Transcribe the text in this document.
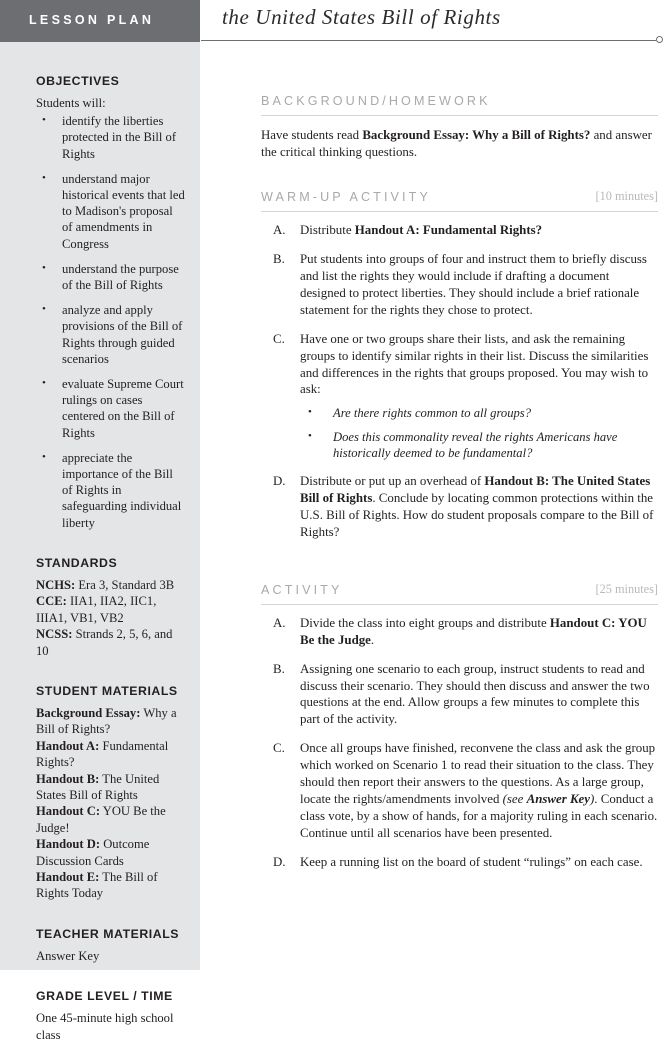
LESSON PLAN	the United States Bill of Rights
OBJECTIVES

Students will:

• identify the liberties protected in the Bill of Rights
• understand major historical events that led to Madison's proposal of amendments in Congress
• understand the purpose of the Bill of Rights
• analyze and apply provisions of the Bill of Rights through guided scenarios
• evaluate Supreme Court rulings on cases centered on the Bill of Rights
• appreciate the importance of the Bill of Rights in safeguarding individual liberty
STANDARDS

NCHS: Era 3, Standard 3B

CCE: IIA1, IIA2, IIC1, IIIA1, VB1, VB2

NCSS: Strands 2, 5, 6, and 10

STUDENT MATERIALS

Background Essay: Why a Bill of Rights?

Handout A: Fundamental Rights?

Handout B: The United States Bill of Rights

Handout C: YOU Be the Judge!

Handout D: Outcome Discussion Cards

Handout E: The Bill of Rights Today

TEACHER MATERIALS

Answer Key

GRADE LEVEL / TIME

One 45-minute high school class

BACKGROUND/HOMEWORK

Have students read Background Essay: Why a Bill of Rights? and answer the critical thinking questions.

WARM-UP ACTIVITY	[10 minutes]
A. Distribute Handout A: Fundamental Rights?
B. Put students into groups of four and instruct them to briefly discuss and list the rights they would include if drafting a document designed to protect liberties. They should include a brief rationale statement for the rights they chose to protect.
C. Have one or two groups share their lists, and ask the remaining groups to identify similar rights in their list. Discuss the similarities and differences in the rights that groups proposed. You may wish to ask:
• Are there rights common to all groups?
• Does this commonality reveal the rights Americans have historically deemed to be fundamental?
D. Distribute or put up an overhead of Handout B: The United States Bill of Rights. Conclude by locating common protections within the U.S. Bill of Rights. How do student proposals compare to the Bill of Rights?
ACTIVITY	[25 minutes]
A. Divide the class into eight groups and distribute Handout C: YOU Be the Judge.
B. Assigning one scenario to each group, instruct students to read and discuss their scenario. They should then discuss and answer the two questions at the end. Allow groups a few minutes to complete this part of the activity.
C. Once all groups have finished, reconvene the class and ask the group which worked on Scenario 1 to read their situation to the class. They should then report their answers to the questions. As a large group, locate the rights/amendments involved (see Answer Key). Conduct a class vote, by a show of hands, for a majority ruling in each scenario. Continue until all scenarios have been presented.
D. Keep a running list on the board of student “rulings” on each case.
